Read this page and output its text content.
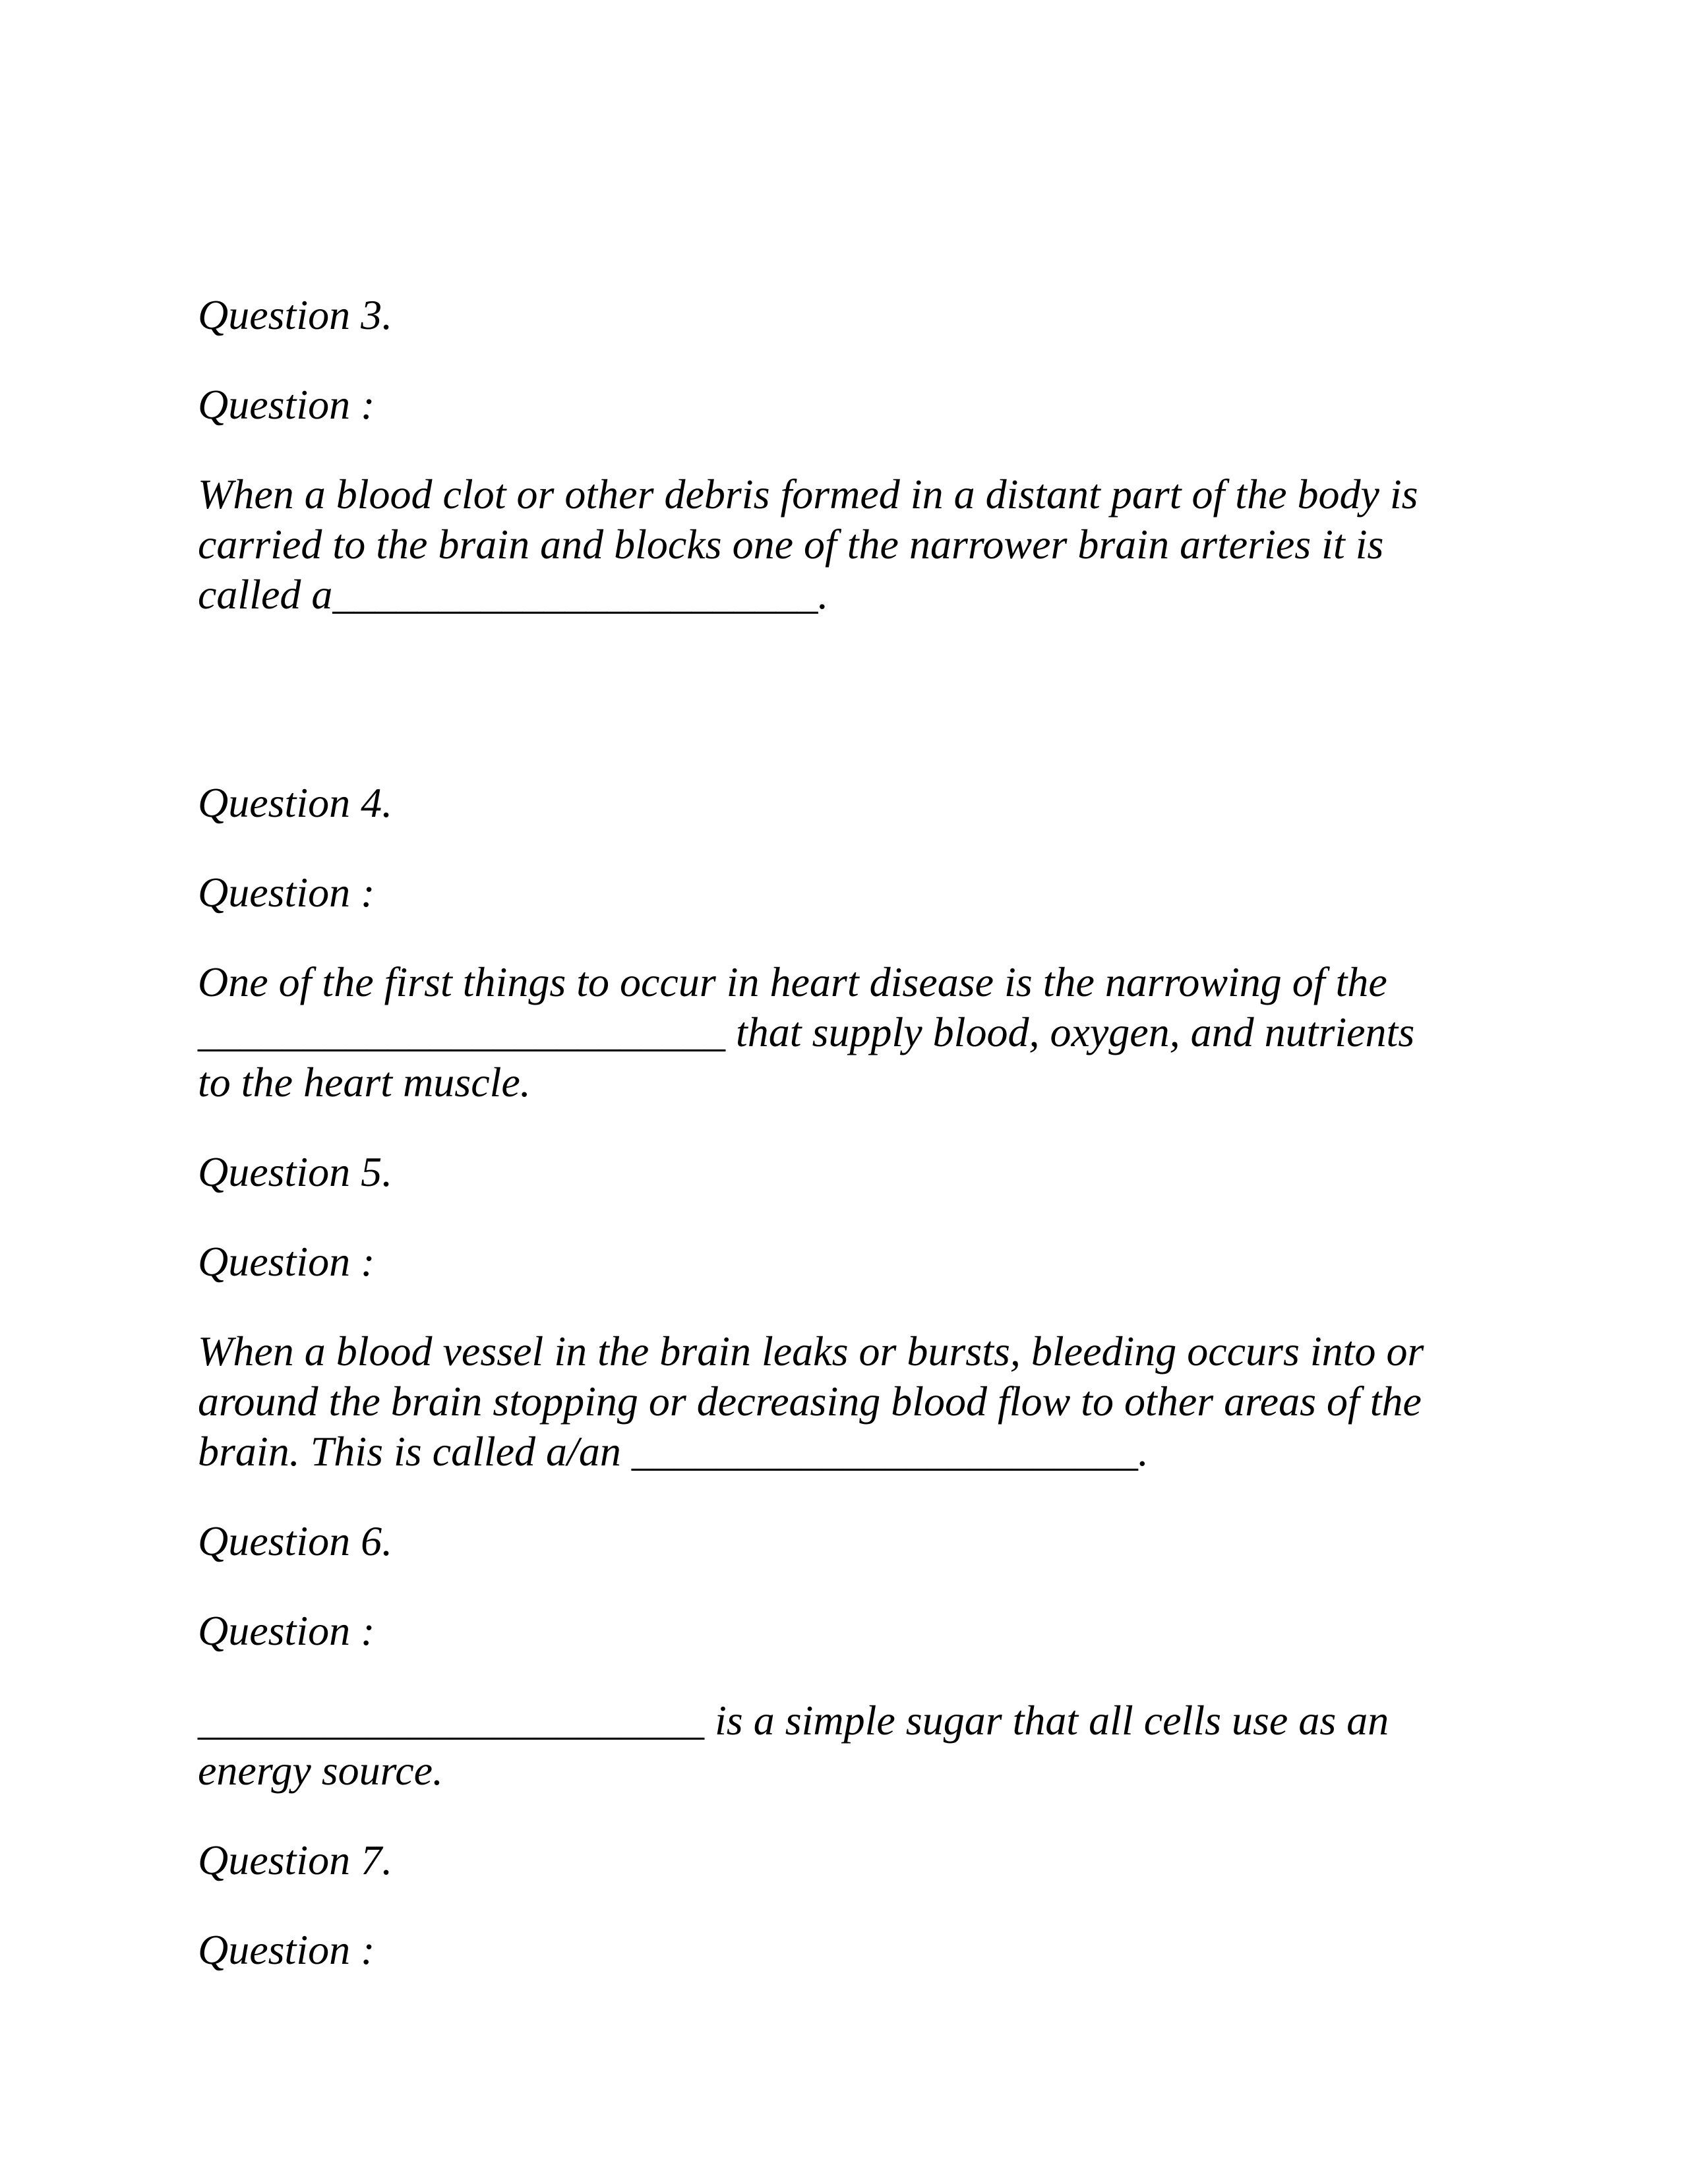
Question 3.

Question :

When a blood clot or other debris formed in a distant part of the body is
carried to the brain and blocks one of the narrower brain arteries it is
called a_______________________.

Question 4.

Question :

One of the first things to occur in heart disease is the narrowing of the
_________________________ that supply blood, oxygen, and nutrients
to the heart muscle.

Question 5.

Question :

When a blood vessel in the brain leaks or bursts, bleeding occurs into or
around the brain stopping or decreasing blood flow to other areas of the
brain. This is called a/an ________________________.

Question 6.

Question :

________________________ is a simple sugar that all cells use as an
energy source.

Question 7.

Question :
